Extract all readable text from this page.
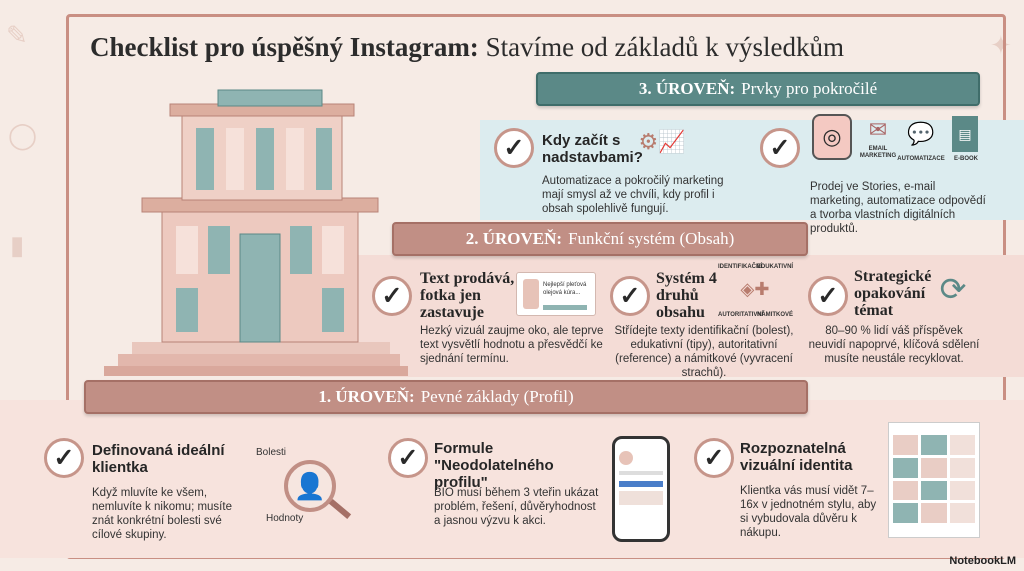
✎
◯
▮
✦
Checklist pro úspěšný Instagram: Stavíme od základů k výsledkům
3. ÚROVEŇ: Prvky pro pokročilé
2. ÚROVEŇ: Funkční systém (Obsah)
1. ÚROVEŇ: Pevné základy (Profil)
✓	Kdy začít s nadstavbami?
⚙📈
Automatizace a pokročilý marketing mají smysl až ve chvíli, kdy profil i obsah spolehlivě fungují.
✓	◎	✉
EMAIL MARKETING
💬
AUTOMATIZACE
▤
E-BOOK
Prodej ve Stories, e-mail marketing, automatizace odpovědí a tvorba vlastních digitálních produktů.
✓
Text prodává, fotka jen zastavuje
Nejlepší pleťová olejová kúra...
Hezký vizuál zaujme oko, ale teprve text vysvětlí hodnotu a přesvědčí ke sjednání termínu.
✓
Systém 4 druhů obsahu
IDENTIFIKAČNÍ
EDUKATIVNÍ
◈✚
AUTORITATIVNÍ
NÁMITKOVÉ
Střídejte texty identifikační (bolest), edukativní (tipy), autoritativní (reference) a námitkové (vyvracení strachů).
✓
Strategické opakování témat
⟳
80–90 % lidí váš příspěvek neuvidí napoprvé, klíčová sdělení musíte neustále recyklovat.
✓	Definovaná ideální klientka
Když mluvíte ke všem, nemluvíte k nikomu; musíte znát konkrétní bolesti své cílové skupiny.
Bolesti
Hodnoty
👤
✓	Formule "Neodolatelného profilu"
BIO musí během 3 vteřin ukázat problém, řešení, důvěryhodnost a jasnou výzvu k akci.
✓	Rozpoznatelná vizuální identita
Klientka vás musí vidět 7–16x v jednotném stylu, aby si vybudovala důvěru k nákupu.
NotebookLM
